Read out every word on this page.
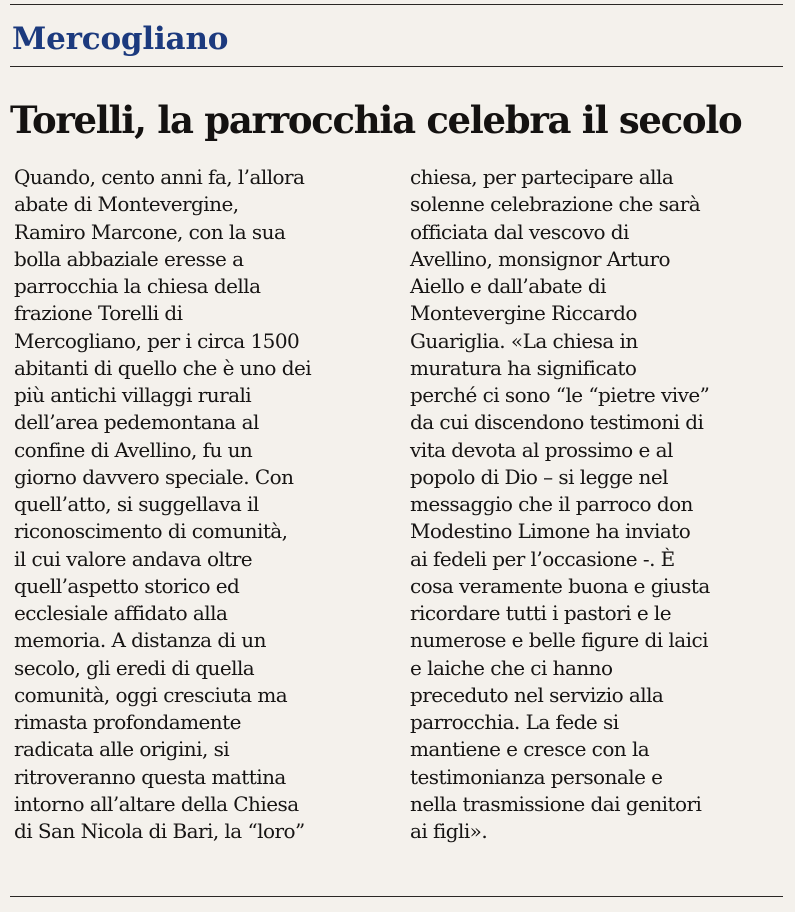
Mercogliano
Torelli, la parrocchia celebra il secolo
Quando, cento anni fa, l’allora
abate di Montevergine,
Ramiro Marcone, con la sua
bolla abbaziale eresse a
parrocchia la chiesa della
frazione Torelli di
Mercogliano, per i circa 1500
abitanti di quello che è uno dei
più antichi villaggi rurali
dell’area pedemontana al
confine di Avellino, fu un
giorno davvero speciale. Con
quell’atto, si suggellava il
riconoscimento di comunità,
il cui valore andava oltre
quell’aspetto storico ed
ecclesiale affidato alla
memoria. A distanza di un
secolo, gli eredi di quella
comunità, oggi cresciuta ma
rimasta profondamente
radicata alle origini, si
ritroveranno questa mattina
intorno all’altare della Chiesa
di San Nicola di Bari, la “loro”
chiesa, per partecipare alla
solenne celebrazione che sarà
officiata dal vescovo di
Avellino, monsignor Arturo
Aiello e dall’abate di
Montevergine Riccardo
Guariglia. «La chiesa in
muratura ha significato
perché ci sono “le “pietre vive”
da cui discendono testimoni di
vita devota al prossimo e al
popolo di Dio – si legge nel
messaggio che il parroco don
Modestino Limone ha inviato
ai fedeli per l’occasione -. È
cosa veramente buona e giusta
ricordare tutti i pastori e le
numerose e belle figure di laici
e laiche che ci hanno
preceduto nel servizio alla
parrocchia. La fede si
mantiene e cresce con la
testimonianza personale e
nella trasmissione dai genitori
ai figli».
